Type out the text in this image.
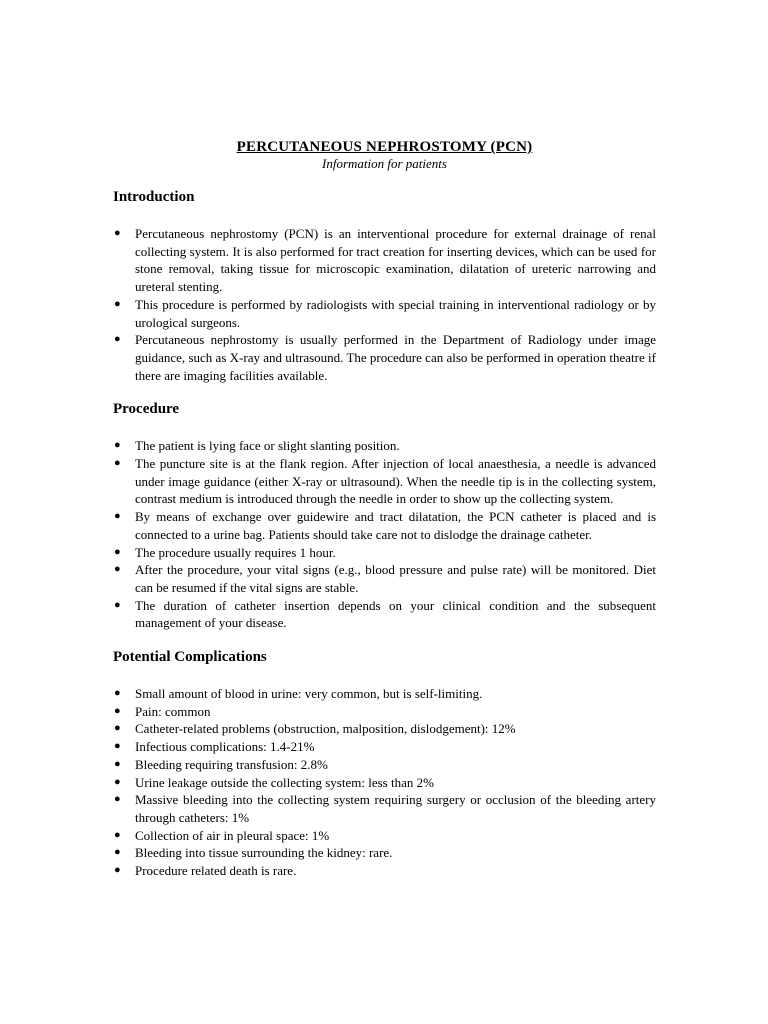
PERCUTANEOUS NEPHROSTOMY (PCN)

Information for patients

Introduction
● Percutaneous nephrostomy (PCN) is an interventional procedure for external drainage of renal collecting system. It is also performed for tract creation for inserting devices, which can be used for stone removal, taking tissue for microscopic examination, dilatation of ureteric narrowing and ureteral stenting.
● This procedure is performed by radiologists with special training in interventional radiology or by urological surgeons.
● Percutaneous nephrostomy is usually performed in the Department of Radiology under image guidance, such as X-ray and ultrasound. The procedure can also be performed in operation theatre if there are imaging facilities available.
Procedure
● The patient is lying face or slight slanting position.
● The puncture site is at the flank region. After injection of local anaesthesia, a needle is advanced under image guidance (either X-ray or ultrasound). When the needle tip is in the collecting system, contrast medium is introduced through the needle in order to show up the collecting system.
● By means of exchange over guidewire and tract dilatation, the PCN catheter is placed and is connected to a urine bag. Patients should take care not to dislodge the drainage catheter.
● The procedure usually requires 1 hour.
● After the procedure, your vital signs (e.g., blood pressure and pulse rate) will be monitored. Diet can be resumed if the vital signs are stable.
● The duration of catheter insertion depends on your clinical condition and the subsequent management of your disease.
Potential Complications
● Small amount of blood in urine: very common, but is self-limiting.
● Pain: common
● Catheter-related problems (obstruction, malposition, dislodgement): 12%
● Infectious complications: 1.4-21%
● Bleeding requiring transfusion: 2.8%
● Urine leakage outside the collecting system: less than 2%
● Massive bleeding into the collecting system requiring surgery or occlusion of the bleeding artery through catheters: 1%
● Collection of air in pleural space: 1%
● Bleeding into tissue surrounding the kidney: rare.
● Procedure related death is rare.
